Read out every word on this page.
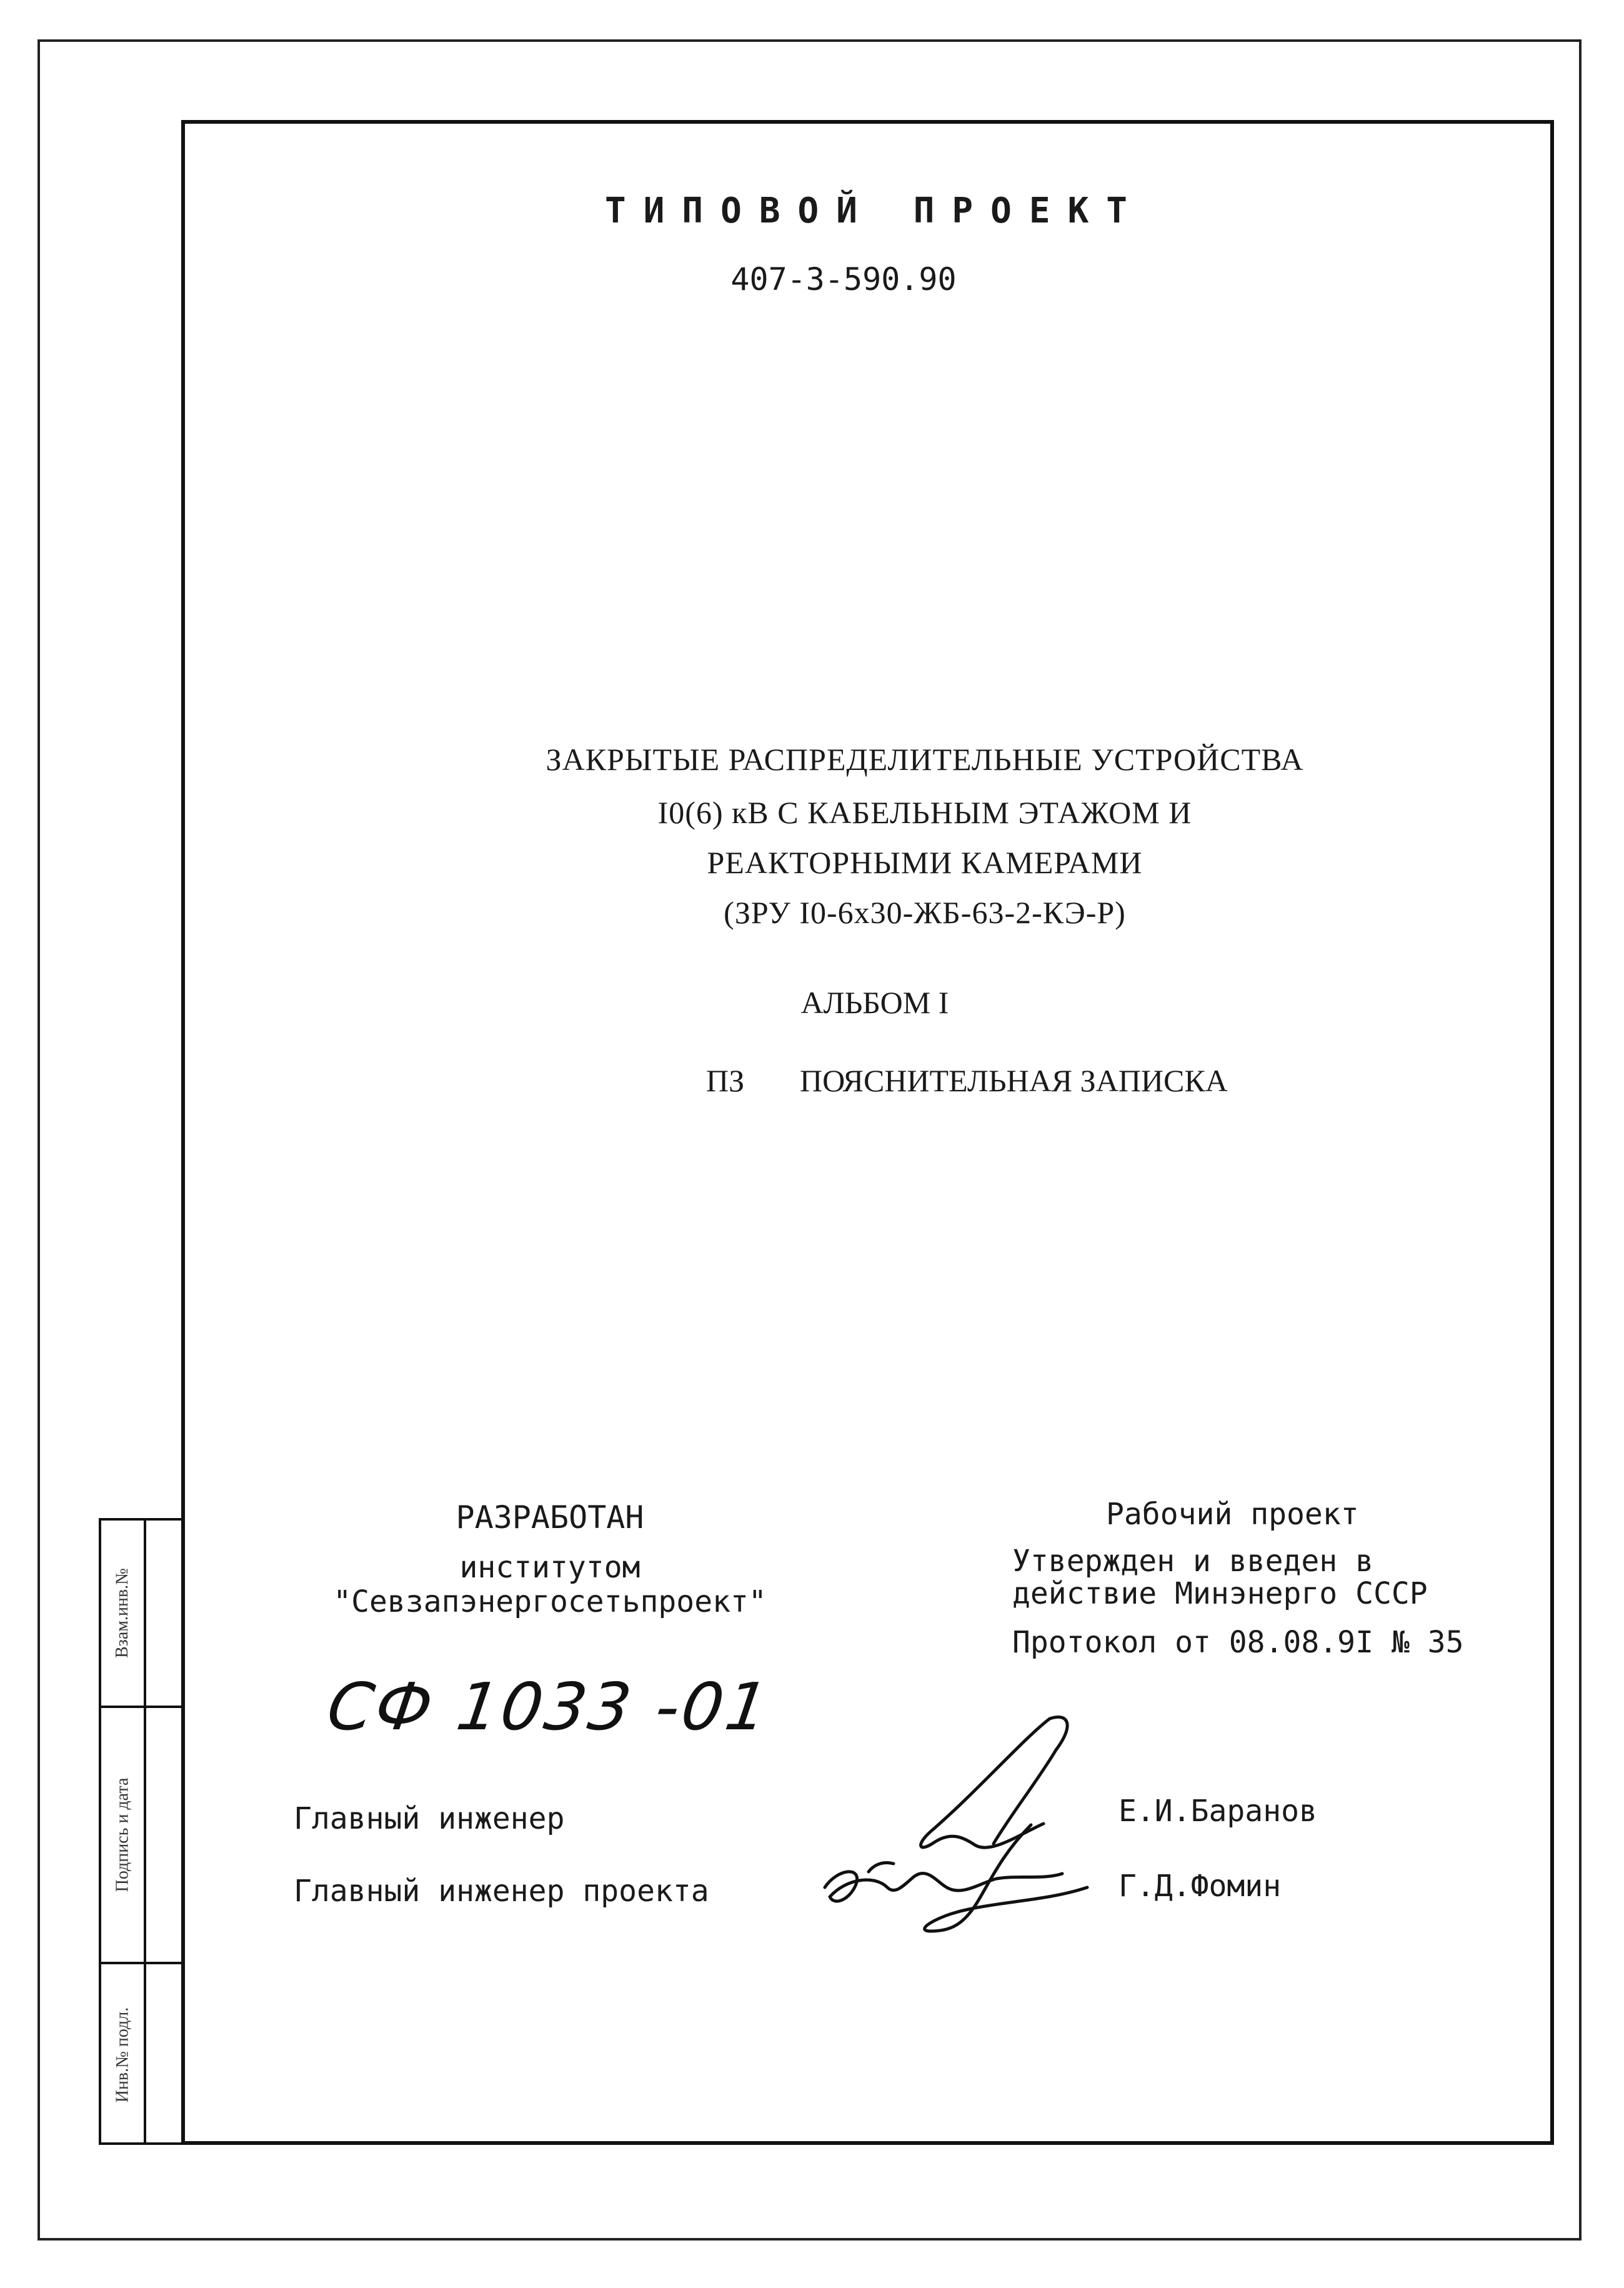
Взам.инв.№
Подпись и дата
Инв.№ подл.
ТИПОВОЙ ПРОЕКТ
407-3-590.90
ЗАКРЫТЫЕ РАСПРЕДЕЛИТЕЛЬНЫЕ УСТРОЙСТВА
I0(6) кВ С КАБЕЛЬНЫМ ЭТАЖОМ И
РЕАКТОРНЫМИ КАМЕРАМИ
(ЗРУ I0-6х30-ЖБ-63-2-КЭ-Р)
АЛЬБОМ I
ПЗ	ПОЯСНИТЕЛЬНАЯ ЗАПИСКА
РАЗРАБОТАН
институтом
"Севзапэнергосетьпроект"
Рабочий проект
Утвержден и введен в
действие Минэнерго СССР
Протокол от 08.08.9I № 35
СФ 1033 -01
Главный инженер	Е.И.Баранов
Главный инженер проекта	Г.Д.Фомин
